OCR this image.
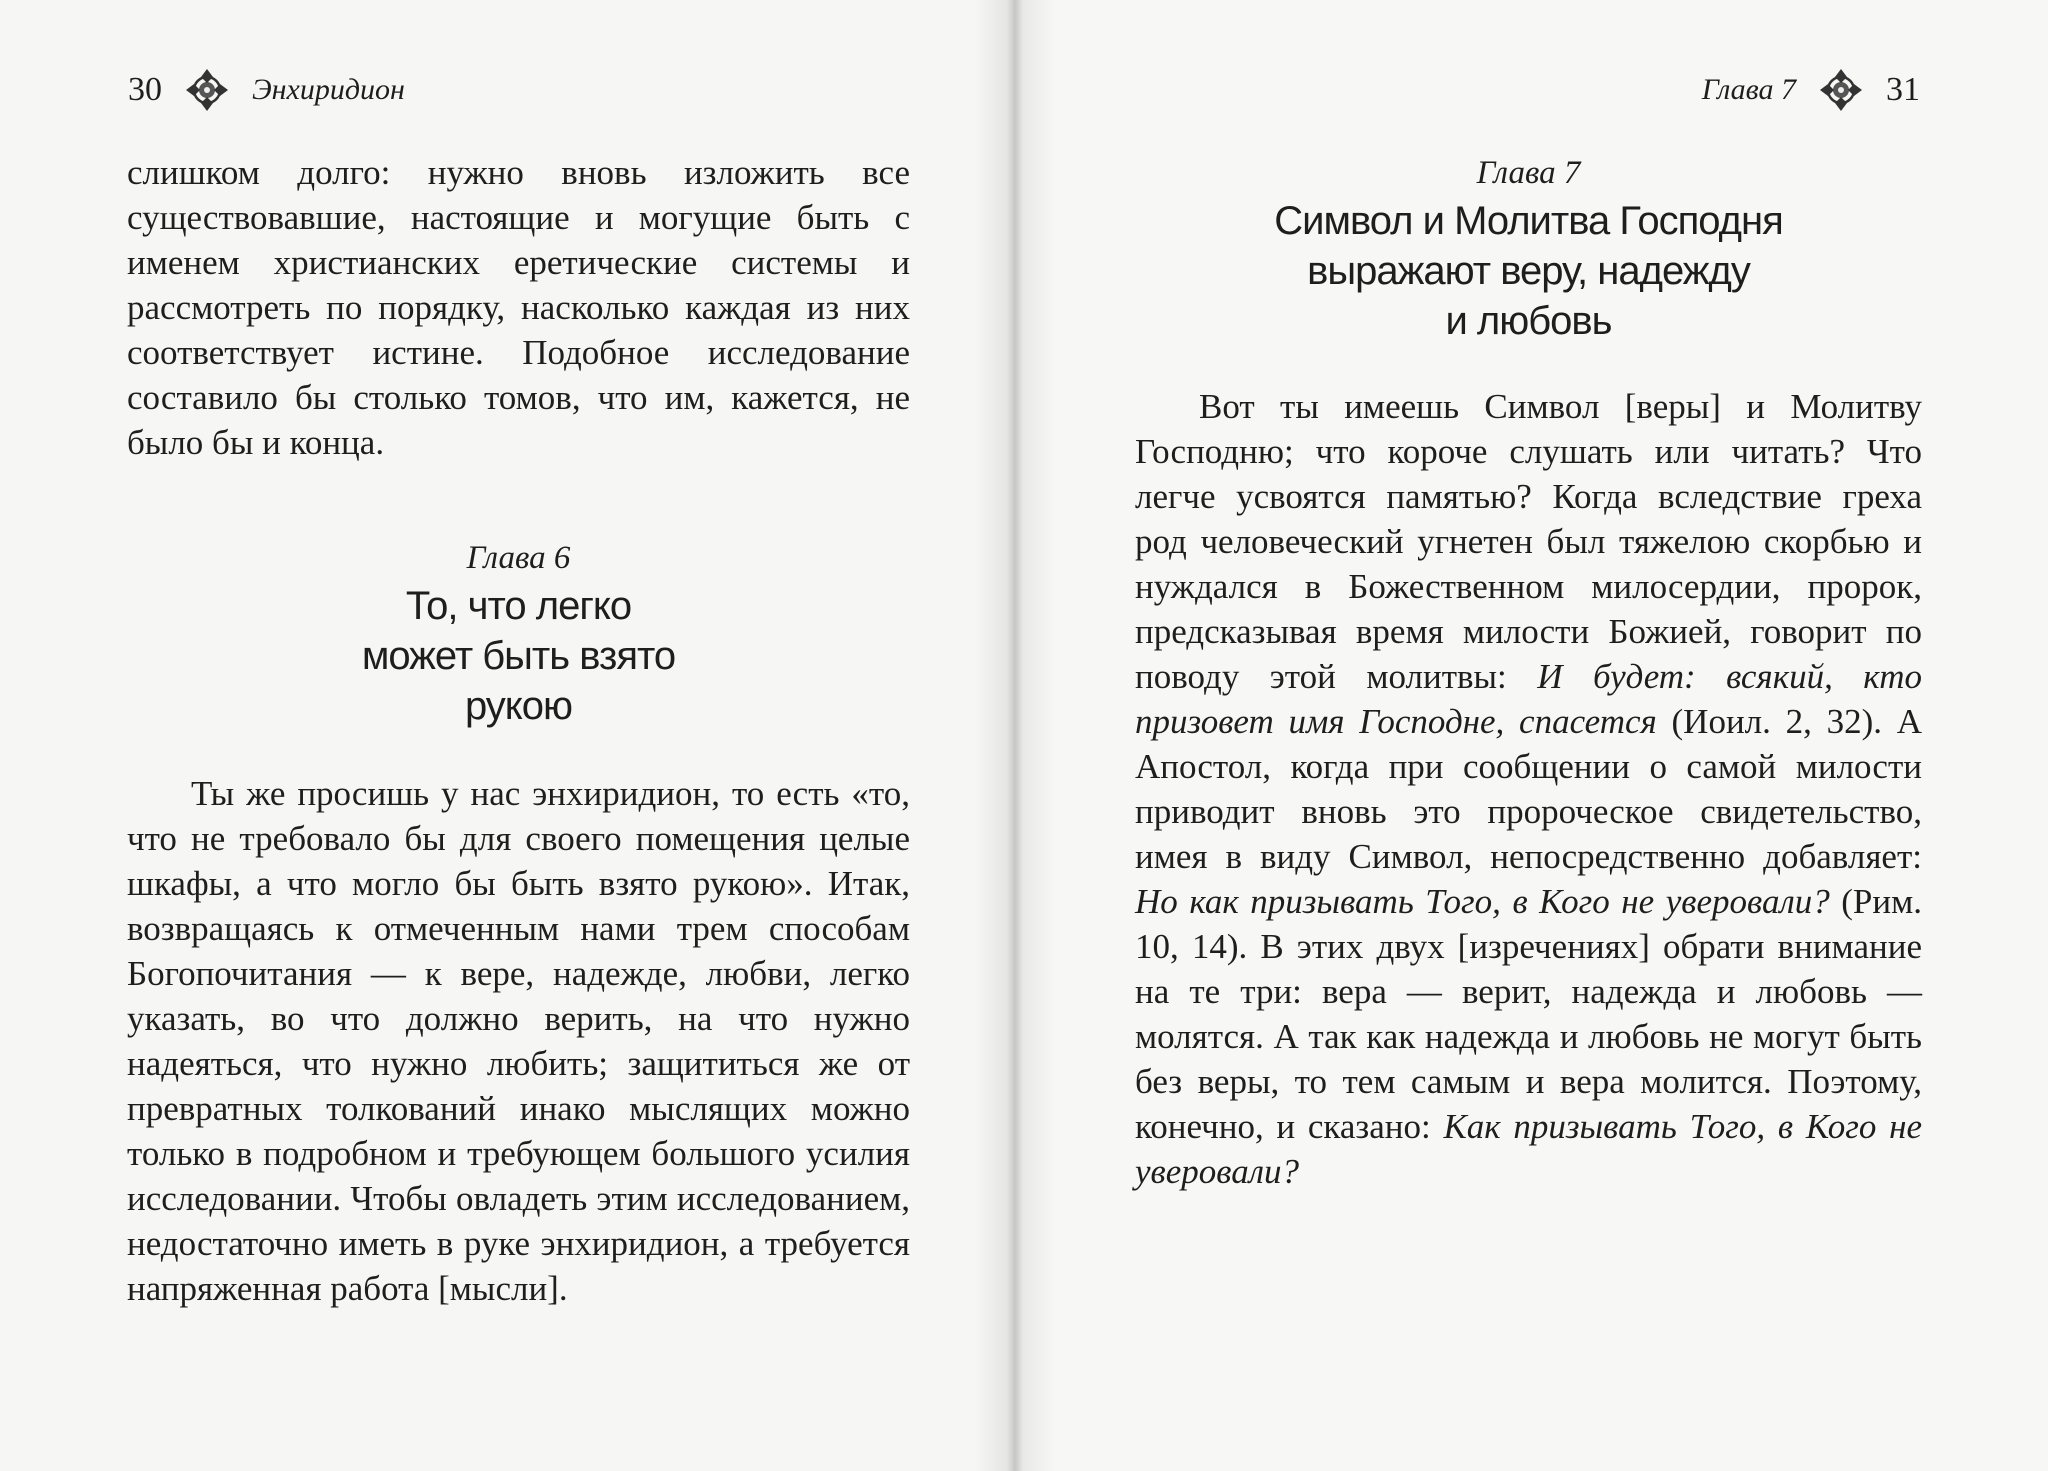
30	Энхиридион

слишком долго: нужно вновь изложить все существовавшие, настоящие и могущие быть с именем христианских еретические системы и рассмотреть по порядку, насколько каждая из них соответствует истине. Подобное исследование составило бы столько томов, что им, кажется, не было бы и конца.

Глава 6

То, что легко

может быть взято

рукою

Ты же просишь у нас энхиридион, то есть «то, что не требовало бы для своего помещения целые шкафы, а что могло бы быть взято рукою». Итак, возвращаясь к отмеченным нами трем способам Богопочитания — к вере, надежде, любви, легко указать, во что должно верить, на что нужно надеяться, что нужно любить; защититься же от превратных толкований инако мыслящих можно только в подробном и требующем большого усилия исследовании. Чтобы овладеть этим исследованием, недостаточно иметь в руке энхиридион, а требуется напряженная работа [мысли].

Глава 7	31

Глава 7

Символ и Молитва Господня

выражают веру, надежду

и любовь

Вот ты имеешь Символ [веры] и Молитву Господню; что короче слушать или читать? Что легче усвоятся памятью? Когда вследствие греха род человеческий угнетен был тяжелою скорбью и нуждался в Божественном милосердии, пророк, предсказывая время милости Божией, говорит по поводу этой молитвы: И будет: всякий, кто призовет имя Господне, спасется (Иоил. 2, 32). А Апостол, когда при сообщении о самой милости приводит вновь это пророческое свидетельство, имея в виду Символ, непосредственно добавляет: Но как призывать Того, в Кого не уверовали? (Рим. 10, 14). В этих двух [изречениях] обрати внимание на те три: вера — верит, надежда и любовь — молятся. А так как надежда и любовь не могут быть без веры, то тем самым и вера молится. Поэтому, конечно, и сказано: Как призывать Того, в Кого не уверовали?
